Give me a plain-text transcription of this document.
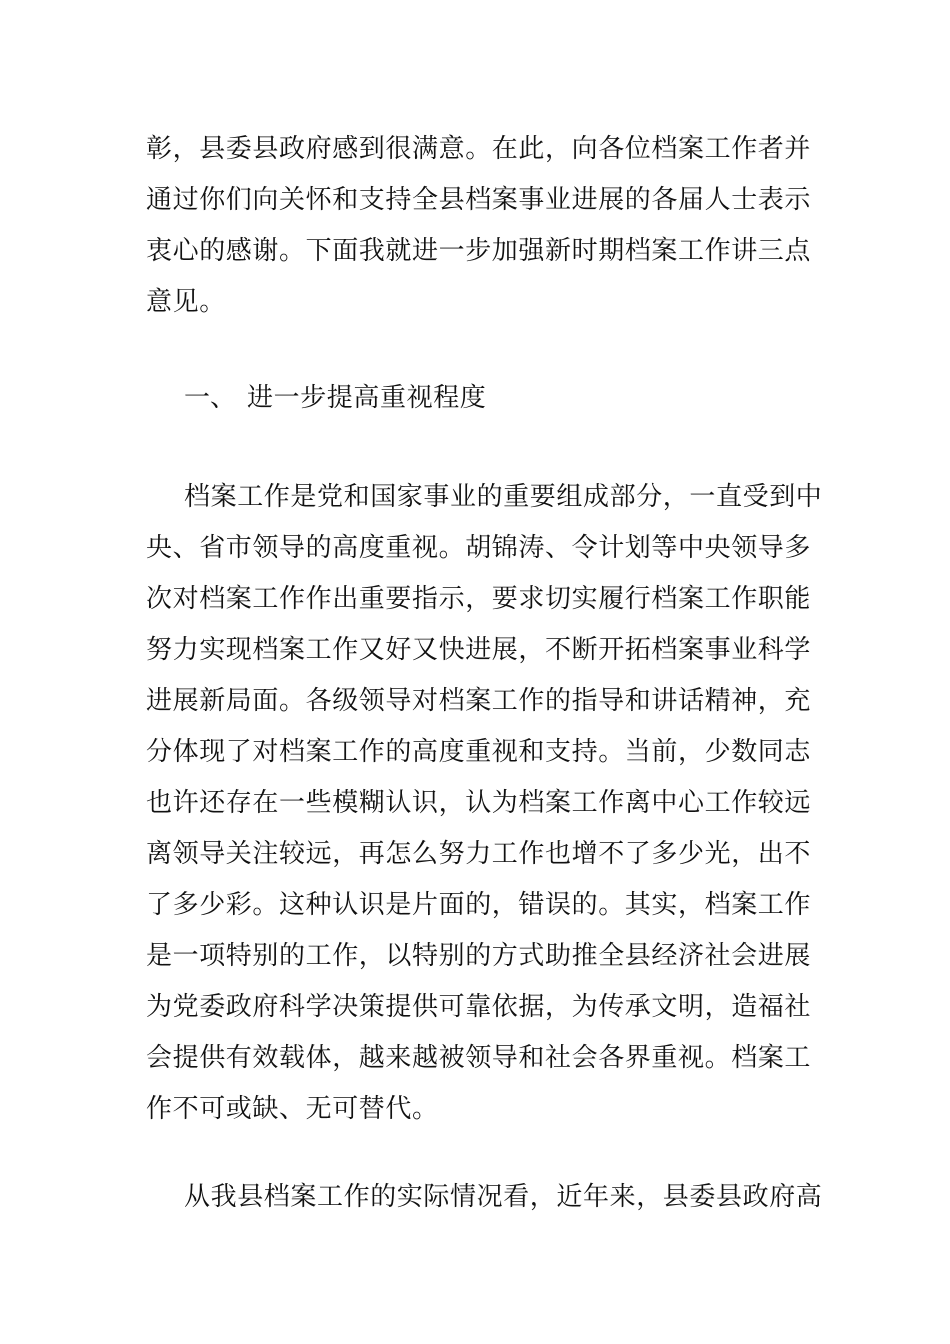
彰，县委县政府感到很满意。在此，向各位档案工作者并
通过你们向关怀和支持全县档案事业进展的各届人士表示
衷心的感谢。下面我就进一步加强新时期档案工作讲三点
意见。
一、 进一步提高重视程度
档案工作是党和国家事业的重要组成部分，一直受到中
央、省市领导的高度重视。胡锦涛、令计划等中央领导多
次对档案工作作出重要指示，要求切实履行档案工作职能
努力实现档案工作又好又快进展，不断开拓档案事业科学
进展新局面。各级领导对档案工作的指导和讲话精神，充
分体现了对档案工作的高度重视和支持。当前，少数同志
也许还存在一些模糊认识，认为档案工作离中心工作较远
离领导关注较远，再怎么努力工作也增不了多少光，出不
了多少彩。这种认识是片面的，错误的。其实，档案工作
是一项特别的工作，以特别的方式助推全县经济社会进展
为党委政府科学决策提供可靠依据，为传承文明，造福社
会提供有效载体，越来越被领导和社会各界重视。档案工
作不可或缺、无可替代。
从我县档案工作的实际情况看，近年来，县委县政府高
